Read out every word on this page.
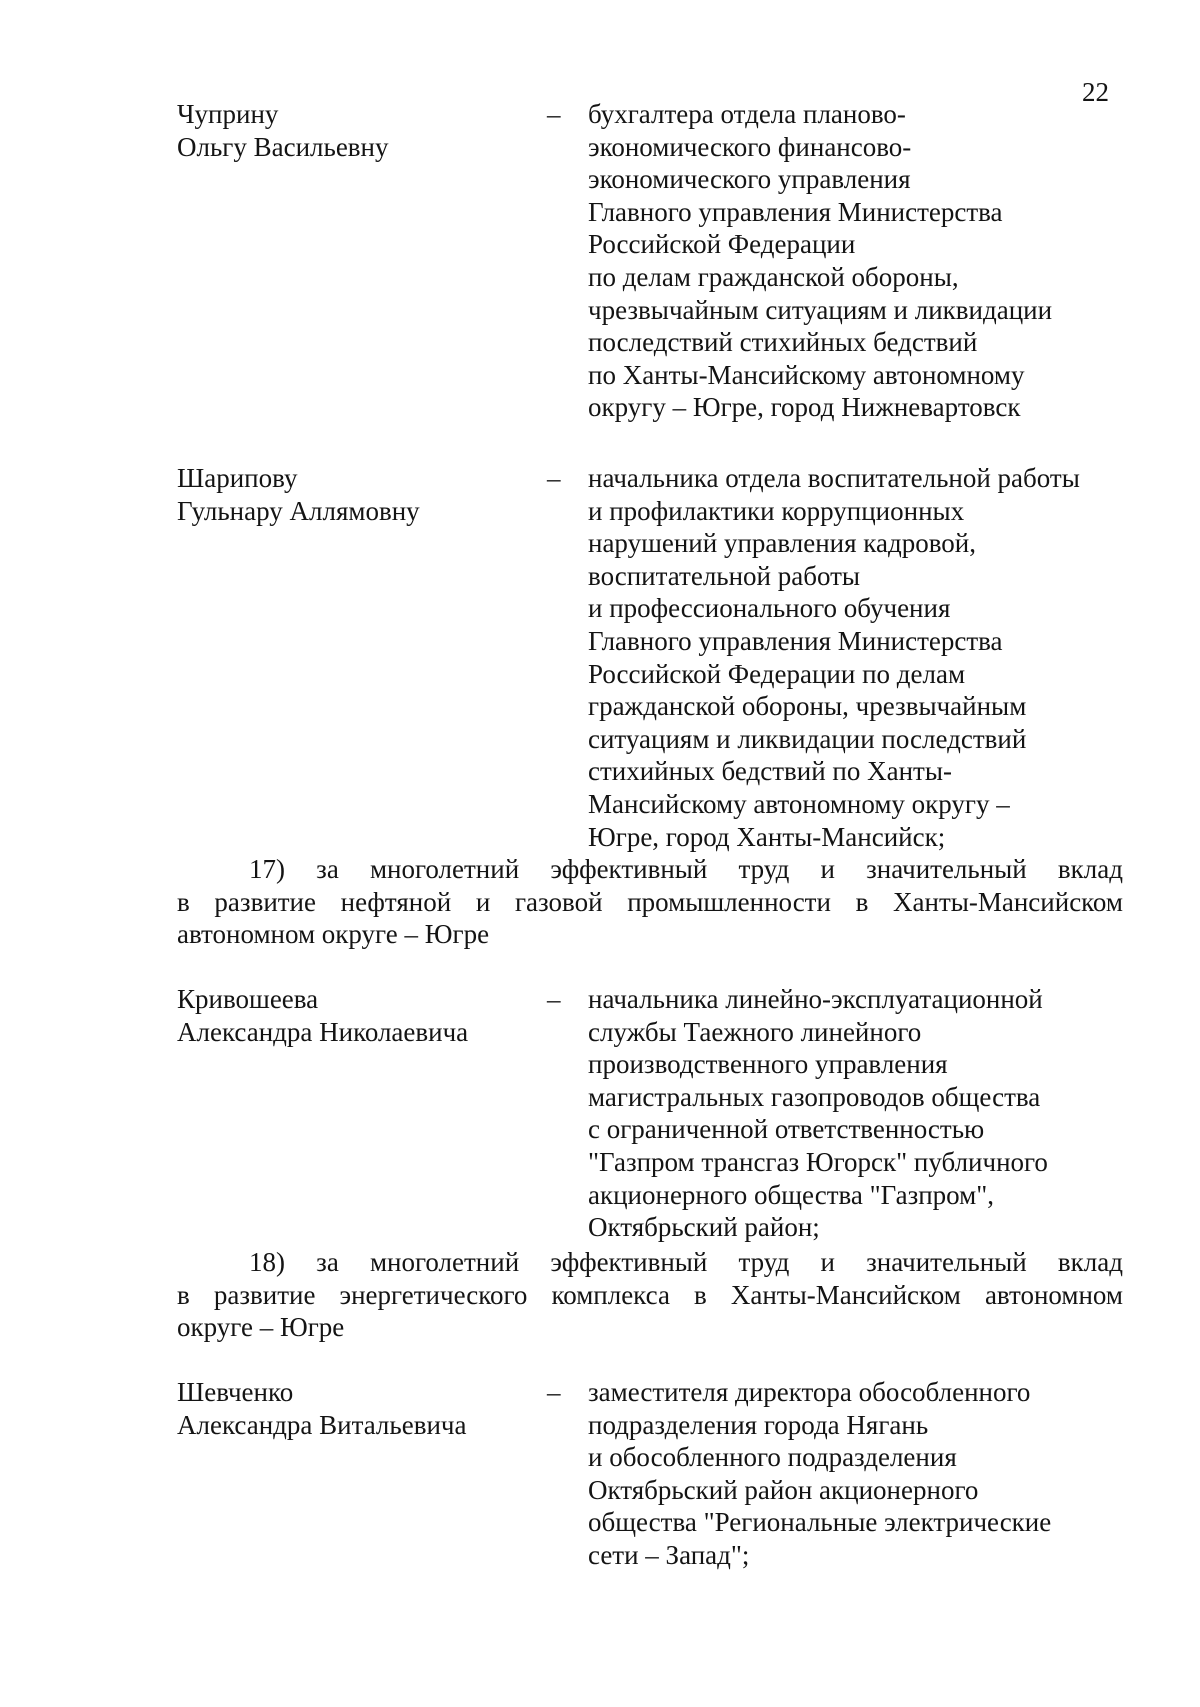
22
Чуприну
Ольгу Васильевну
– бухгалтера отдела планово-
экономического финансово-
экономического управления
Главного управления Министерства
Российской Федерации
по делам гражданской обороны,
чрезвычайным ситуациям и ликвидации
последствий стихийных бедствий
по Ханты-Мансийскому автономному
округу – Югре, город Нижневартовск
Шарипову
Гульнару Аллямовну
– начальника отдела воспитательной работы
и профилактики коррупционных
нарушений управления кадровой,
воспитательной работы
и профессионального обучения
Главного управления Министерства
Российской Федерации по делам
гражданской обороны, чрезвычайным
ситуациям и ликвидации последствий
стихийных бедствий по Ханты-
Мансийскому автономному округу –
Югре, город Ханты-Мансийск;
17) за многолетний эффективный труд и значительный вклад
в развитие нефтяной и газовой промышленности в Ханты-Мансийском
автономном округе – Югре
Кривошеева
Александра Николаевича
– начальника линейно-эксплуатационной
службы Таежного линейного
производственного управления
магистральных газопроводов общества
с ограниченной ответственностью
"Газпром трансгаз Югорск" публичного
акционерного общества "Газпром",
Октябрьский район;
18) за многолетний эффективный труд и значительный вклад
в развитие энергетического комплекса в Ханты-Мансийском автономном
округе – Югре
Шевченко
Александра Витальевича
– заместителя директора обособленного
подразделения города Нягань
и обособленного подразделения
Октябрьский район акционерного
общества "Региональные электрические
сети – Запад";
